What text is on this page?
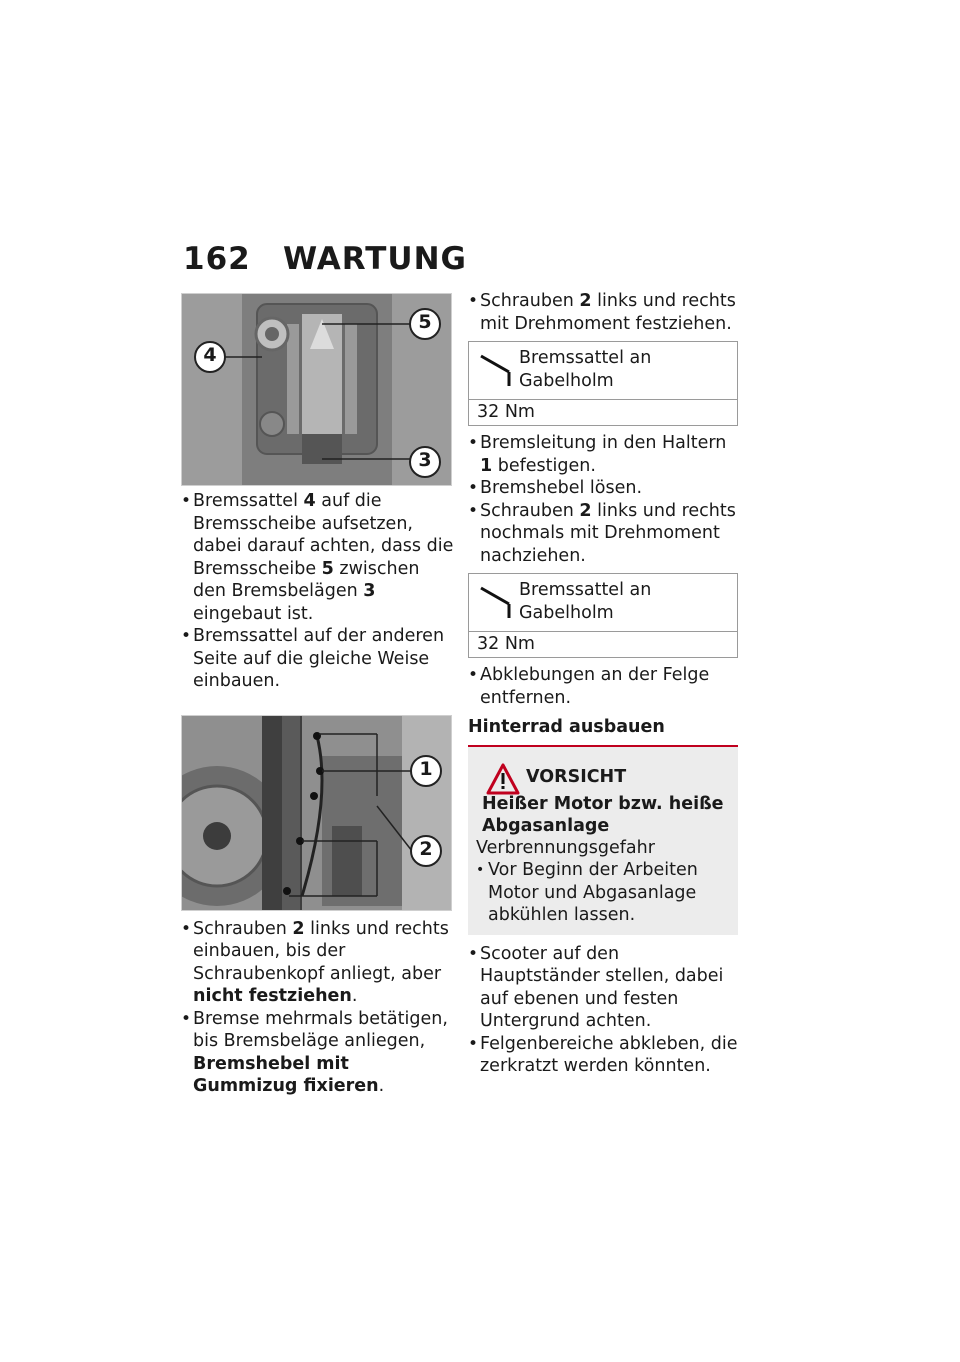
162 WARTUNG
4
5
3
• Bremssattel 4 auf die Bremsscheibe aufsetzen, dabei darauf achten, dass die Bremsscheibe 5 zwischen den Bremsbelägen 3 eingebaut ist.
• Bremssattel auf der anderen Seite auf die gleiche Weise einbauen.
1
2
• Schrauben 2 links und rechts einbauen, bis der Schraubenkopf anliegt, aber nicht festziehen.
• Bremse mehrmals betätigen, bis Bremsbeläge anliegen, Bremshebel mit Gummizug fixieren.
• Schrauben 2 links und rechts mit Drehmoment festziehen.
Bremssattel an Gabelholm
32 Nm
• Bremsleitung in den Haltern 1 befestigen.
• Bremshebel lösen.
• Schrauben 2 links und rechts nochmals mit Drehmoment nachziehen.
Bremssattel an Gabelholm
32 Nm
• Abklebungen an der Felge entfernen.
Hinterrad ausbauen
VORSICHT
Heißer Motor bzw. heiße Abgasanlage
Verbrennungsgefahr
• Vor Beginn der Arbeiten Motor und Abgasanlage abkühlen lassen.
• Scooter auf den Hauptständer stellen, dabei auf ebenen und festen Untergrund achten.
• Felgenbereiche abkleben, die zerkratzt werden könnten.
